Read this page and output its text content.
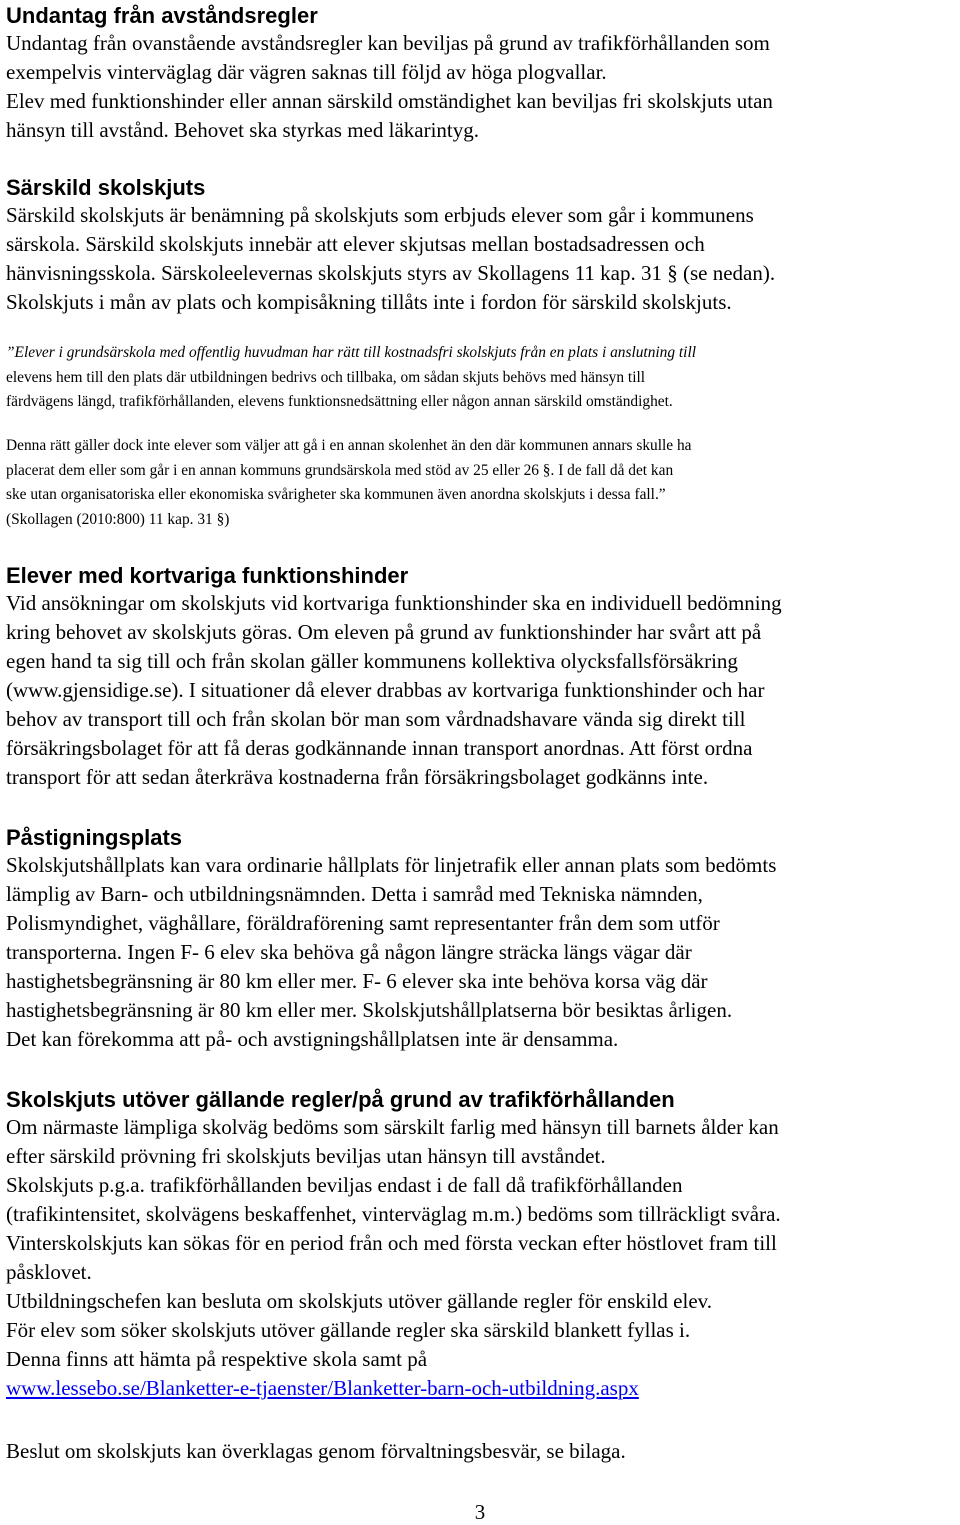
Undantag från avståndsregler

Undantag från ovanstående avståndsregler kan beviljas på grund av trafikförhållanden som

exempelvis vinterväglag där vägren saknas till följd av höga plogvallar.

Elev med funktionshinder eller annan särskild omständighet kan beviljas fri skolskjuts utan

hänsyn till avstånd. Behovet ska styrkas med läkarintyg.

Särskild skolskjuts

Särskild skolskjuts är benämning på skolskjuts som erbjuds elever som går i kommunens

särskola. Särskild skolskjuts innebär att elever skjutsas mellan bostadsadressen och

hänvisningsskola. Särskoleelevernas skolskjuts styrs av Skollagens 11 kap. 31 § (se nedan).

Skolskjuts i mån av plats och kompisåkning tillåts inte i fordon för särskild skolskjuts.

”Elever i grundsärskola med offentlig huvudman har rätt till kostnadsfri skolskjuts från en plats i anslutning till

elevens hem till den plats där utbildningen bedrivs och tillbaka, om sådan skjuts behövs med hänsyn till

färdvägens längd, trafikförhållanden, elevens funktionsnedsättning eller någon annan särskild omständighet.

Denna rätt gäller dock inte elever som väljer att gå i en annan skolenhet än den där kommunen annars skulle ha

placerat dem eller som går i en annan kommuns grundsärskola med stöd av 25 eller 26 §. I de fall då det kan

ske utan organisatoriska eller ekonomiska svårigheter ska kommunen även anordna skolskjuts i dessa fall.”

(Skollagen (2010:800) 11 kap. 31 §)

Elever med kortvariga funktionshinder

Vid ansökningar om skolskjuts vid kortvariga funktionshinder ska en individuell bedömning

kring behovet av skolskjuts göras. Om eleven på grund av funktionshinder har svårt att på

egen hand ta sig till och från skolan gäller kommunens kollektiva olycksfallsförsäkring

(www.gjensidige.se). I situationer då elever drabbas av kortvariga funktionshinder och har

behov av transport till och från skolan bör man som vårdnadshavare vända sig direkt till

försäkringsbolaget för att få deras godkännande innan transport anordnas. Att först ordna

transport för att sedan återkräva kostnaderna från försäkringsbolaget godkänns inte.

Påstigningsplats

Skolskjutshållplats kan vara ordinarie hållplats för linjetrafik eller annan plats som bedömts

lämplig av Barn- och utbildningsnämnden. Detta i samråd med Tekniska nämnden,

Polismyndighet, väghållare, föräldraförening samt representanter från dem som utför

transporterna. Ingen F- 6 elev ska behöva gå någon längre sträcka längs vägar där

hastighetsbegränsning är 80 km eller mer. F- 6 elever ska inte behöva korsa väg där

hastighetsbegränsning är 80 km eller mer. Skolskjutshållplatserna bör besiktas årligen.

Det kan förekomma att på- och avstigningshållplatsen inte är densamma.

Skolskjuts utöver gällande regler/på grund av trafikförhållanden

Om närmaste lämpliga skolväg bedöms som särskilt farlig med hänsyn till barnets ålder kan

efter särskild prövning fri skolskjuts beviljas utan hänsyn till avståndet.

Skolskjuts p.g.a. trafikförhållanden beviljas endast i de fall då trafikförhållanden

(trafikintensitet, skolvägens beskaffenhet, vinterväglag m.m.) bedöms som tillräckligt svåra.

Vinterskolskjuts kan sökas för en period från och med första veckan efter höstlovet fram till

påsklovet.

Utbildningschefen kan besluta om skolskjuts utöver gällande regler för enskild elev.

För elev som söker skolskjuts utöver gällande regler ska särskild blankett fyllas i.

Denna finns att hämta på respektive skola samt på

www.lessebo.se/Blanketter-e-tjaenster/Blanketter-barn-och-utbildning.aspx

Beslut om skolskjuts kan överklagas genom förvaltningsbesvär, se bilaga.

3
